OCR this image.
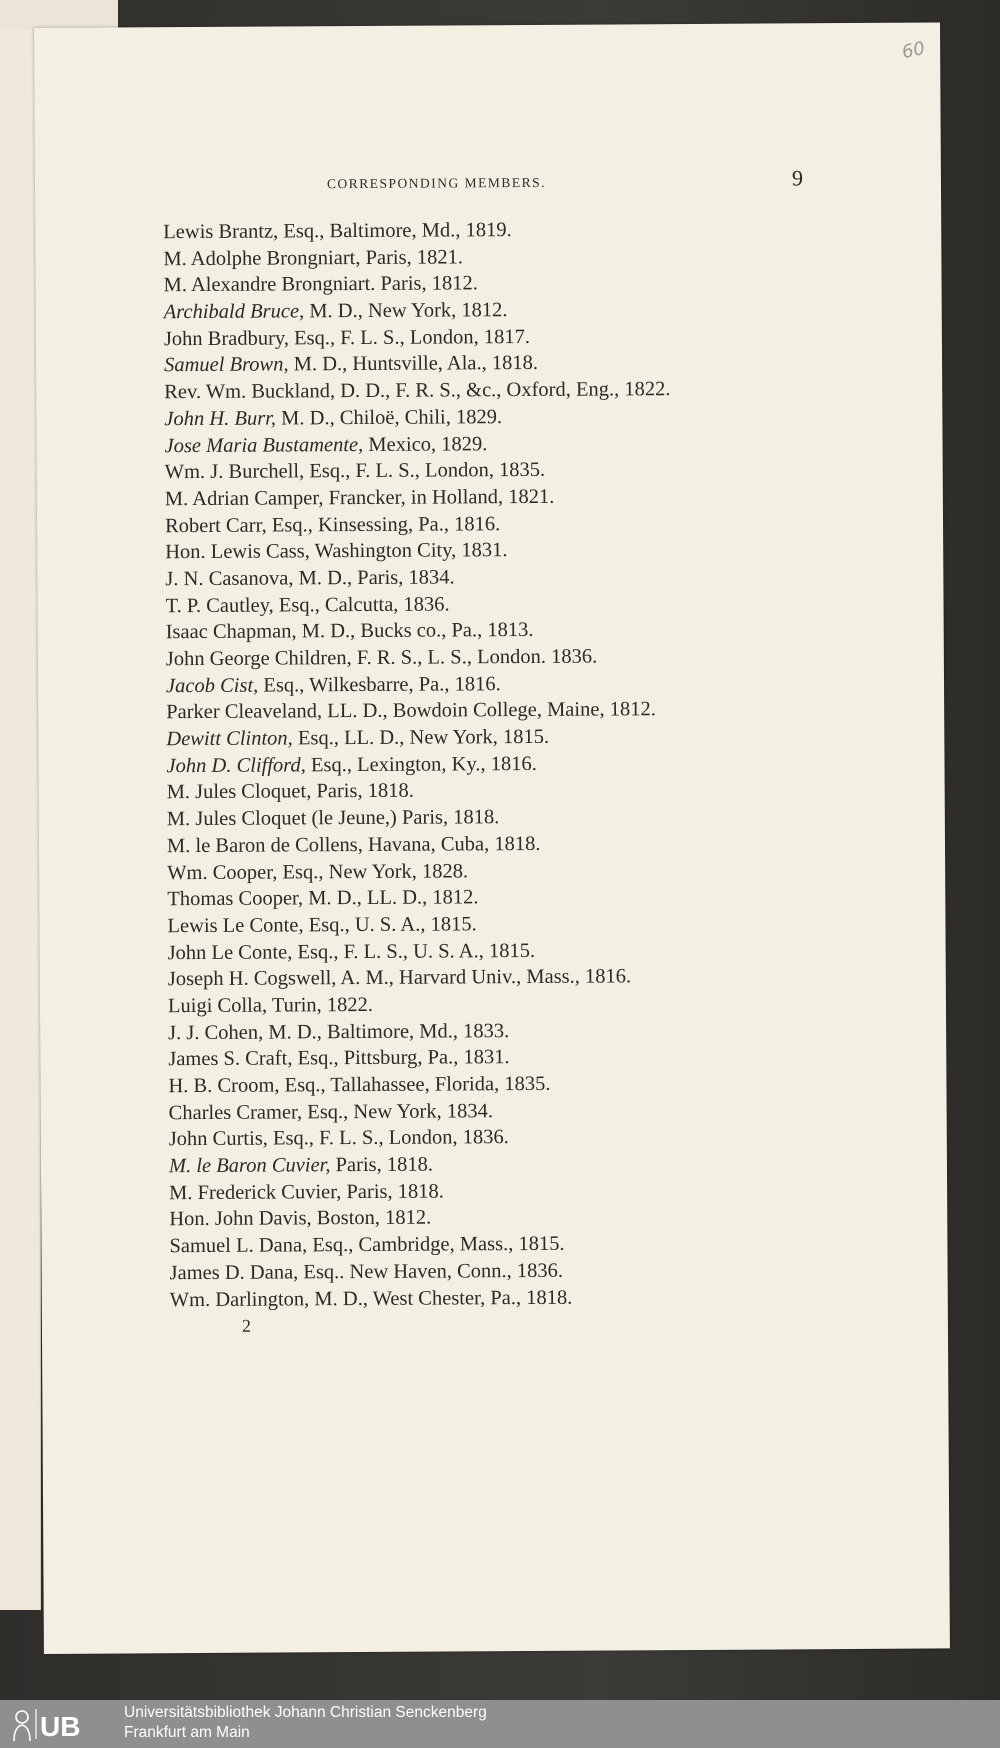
CORRESPONDING MEMBERS.	9
Lewis Brantz, Esq., Baltimore, Md., 1819.
M. Adolphe Brongniart, Paris, 1821.
M. Alexandre Brongniart. Paris, 1812.
Archibald Bruce, M. D., New York, 1812.
John Bradbury, Esq., F. L. S., London, 1817.
Samuel Brown, M. D., Huntsville, Ala., 1818.
Rev. Wm. Buckland, D. D., F. R. S., &c., Oxford, Eng., 1822.
John H. Burr, M. D., Chiloë, Chili, 1829.
Jose Maria Bustamente, Mexico, 1829.
Wm. J. Burchell, Esq., F. L. S., London, 1835.
M. Adrian Camper, Francker, in Holland, 1821.
Robert Carr, Esq., Kinsessing, Pa., 1816.
Hon. Lewis Cass, Washington City, 1831.
J. N. Casanova, M. D., Paris, 1834.
T. P. Cautley, Esq., Calcutta, 1836.
Isaac Chapman, M. D., Bucks co., Pa., 1813.
John George Children, F. R. S., L. S., London. 1836.
Jacob Cist, Esq., Wilkesbarre, Pa., 1816.
Parker Cleaveland, LL. D., Bowdoin College, Maine, 1812.
Dewitt Clinton, Esq., LL. D., New York, 1815.
John D. Clifford, Esq., Lexington, Ky., 1816.
M. Jules Cloquet, Paris, 1818.
M. Jules Cloquet (le Jeune,) Paris, 1818.
M. le Baron de Collens, Havana, Cuba, 1818.
Wm. Cooper, Esq., New York, 1828.
Thomas Cooper, M. D., LL. D., 1812.
Lewis Le Conte, Esq., U. S. A., 1815.
John Le Conte, Esq., F. L. S., U. S. A., 1815.
Joseph H. Cogswell, A. M., Harvard Univ., Mass., 1816.
Luigi Colla, Turin, 1822.
J. J. Cohen, M. D., Baltimore, Md., 1833.
James S. Craft, Esq., Pittsburg, Pa., 1831.
H. B. Croom, Esq., Tallahassee, Florida, 1835.
Charles Cramer, Esq., New York, 1834.
John Curtis, Esq., F. L. S., London, 1836.
M. le Baron Cuvier, Paris, 1818.
M. Frederick Cuvier, Paris, 1818.
Hon. John Davis, Boston, 1812.
Samuel L. Dana, Esq., Cambridge, Mass., 1815.
James D. Dana, Esq.. New Haven, Conn., 1836.
Wm. Darlington, M. D., West Chester, Pa., 1818.
2
60
UB	Universitätsbibliothek Johann Christian Senckenberg
Frankfurt am Main
